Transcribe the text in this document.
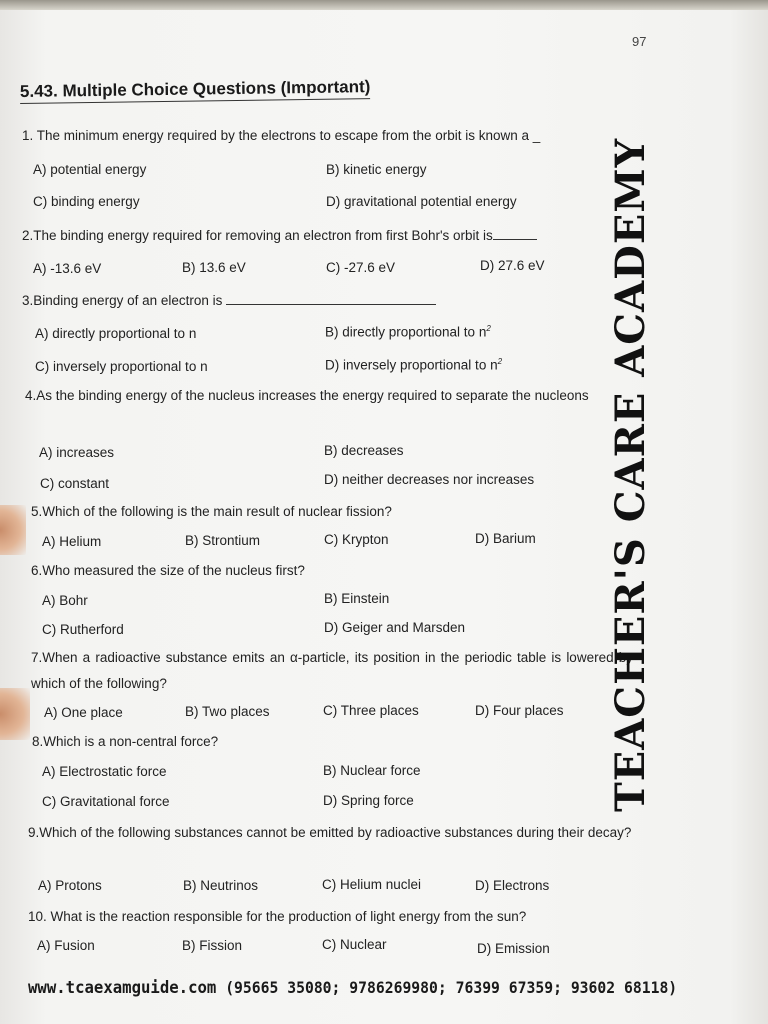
97
5.43. Multiple Choice Questions (Important)
1. The minimum energy required by the electrons to escape from the orbit is known a _
A) potential energy	B) kinetic energy
C) binding energy	D) gravitational potential energy
2.The binding energy required for removing an electron from first Bohr's orbit is
A) -13.6 eV	B) 13.6 eV	C) -27.6 eV	D) 27.6 eV
3.Binding energy of an electron is
A) directly proportional to n	B) directly proportional to $n^2$
C) inversely proportional to n	D) inversely proportional to $n^2$
4.As the binding energy of the nucleus increases the energy required to separate the nucleons
A) increases	B) decreases
C) constant	D) neither decreases nor increases
5.Which of the following is the main result of nuclear fission?
A) Helium	B) Strontium	C) Krypton	D) Barium
6.Who measured the size of the nucleus first?
A) Bohr	B) Einstein
C) Rutherford	D) Geiger and Marsden
7.When a radioactive substance emits an α-particle, its position in the periodic table is lowered by which of the following?
A) One place	B) Two places	C) Three places	D) Four places
8.Which is a non-central force?
A) Electrostatic force	B) Nuclear force
C) Gravitational force	D) Spring force
9.Which of the following substances cannot be emitted by radioactive substances during their decay?
A) Protons	B) Neutrinos	C) Helium nuclei	D) Electrons
10. What is the reaction responsible for the production of light energy from the sun?
A) Fusion	B) Fission	C) Nuclear	D) Emission
TEACHER'S CARE ACADEMY
www.tcaexamguide.com (95665 35080; 9786269980; 76399 67359; 93602 68118)
